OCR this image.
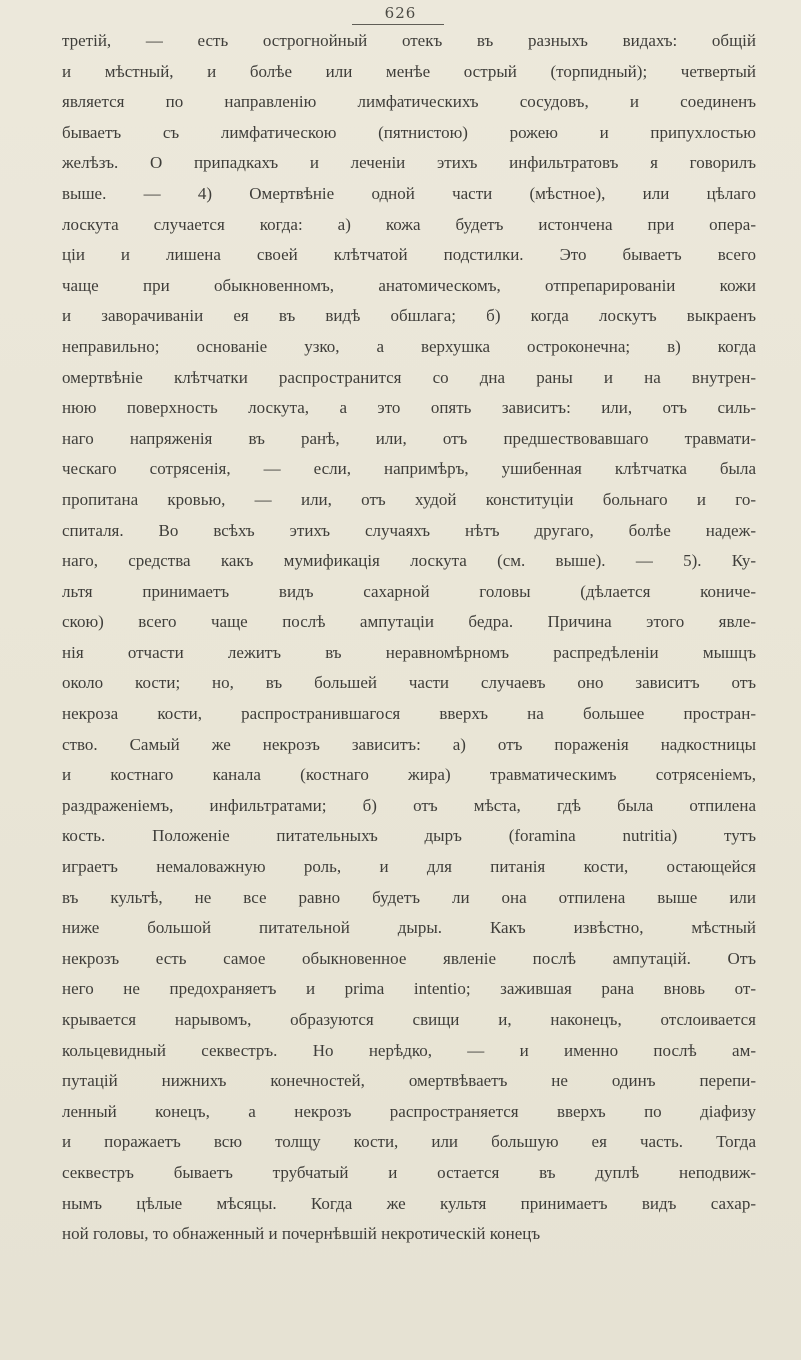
626
третій, — есть острогнойный отекъ въ разныхъ видахъ: общій
и мѣстный, и болѣе или менѣе острый (торпидный); четвертый
является по направленію лимфатическихъ сосудовъ, и соединенъ
бываетъ съ лимфатическою (пятнистою) рожею и припухлостью
желѣзъ. О припадкахъ и леченіи этихъ инфильтратовъ я говорилъ
выше. — 4) Омертвѣніе одной части (мѣстное), или цѣлаго
лоскута случается когда: а) кожа будетъ истончена при опера-
ціи и лишена своей клѣтчатой подстилки. Это бываетъ всего
чаще при обыкновенномъ, анатомическомъ, отпрепарированіи кожи
и заворачиваніи ея въ видѣ обшлага; б) когда лоскутъ выкраенъ
неправильно; основаніе узко, а верхушка остроконечна; в) когда
омертвѣніе клѣтчатки распространится со дна раны и на внутрен-
нюю поверхность лоскута, а это опять зависитъ: или, отъ силь-
наго напряженія въ ранѣ, или, отъ предшествовавшаго травмати-
ческаго сотрясенія, — если, напримѣръ, ушибенная клѣтчатка была
пропитана кровью, — или, отъ худой конституціи больнаго и го-
спиталя. Во всѣхъ этихъ случаяхъ нѣтъ другаго, болѣе надеж-
наго, средства какъ мумификація лоскута (см. выше). — 5). Ку-
льтя принимаетъ видъ сахарной головы (дѣлается кониче-
скою) всего чаще послѣ ампутаціи бедра. Причина этого явле-
нія отчасти лежитъ въ неравномѣрномъ распредѣленіи мышцъ
около кости; но, въ большей части случаевъ оно зависитъ отъ
некроза кости, распространившагося вверхъ на большее простран-
ство. Самый же некрозъ зависитъ: а) отъ пораженія надкостницы
и костнаго канала (костнаго жира) травматическимъ сотрясеніемъ,
раздраженіемъ, инфильтратами; б) отъ мѣста, гдѣ была отпилена
кость. Положеніе питательныхъ дыръ (foramina nutritia) тутъ
играетъ немаловажную роль, и для питанія кости, остающейся
въ культѣ, не все равно будетъ ли она отпилена выше или
ниже большой питательной дыры. Какъ извѣстно, мѣстный
некрозъ есть самое обыкновенное явленіе послѣ ампутацій. Отъ
него не предохраняетъ и prima intentio; зажившая рана вновь от-
крывается нарывомъ, образуются свищи и, наконецъ, отслоивается
кольцевидный секвестръ. Но нерѣдко, — и именно послѣ ам-
путацій нижнихъ конечностей, омертвѣваетъ не одинъ перепи-
ленный конецъ, а некрозъ распространяется вверхъ по діафизу
и поражаетъ всю толщу кости, или большую ея часть. Тогда
секвестръ бываетъ трубчатый и остается въ дуплѣ неподвиж-
нымъ цѣлые мѣсяцы. Когда же культя принимаетъ видъ сахар-
ной головы, то обнаженный и почернѣвшій некротическій конецъ
